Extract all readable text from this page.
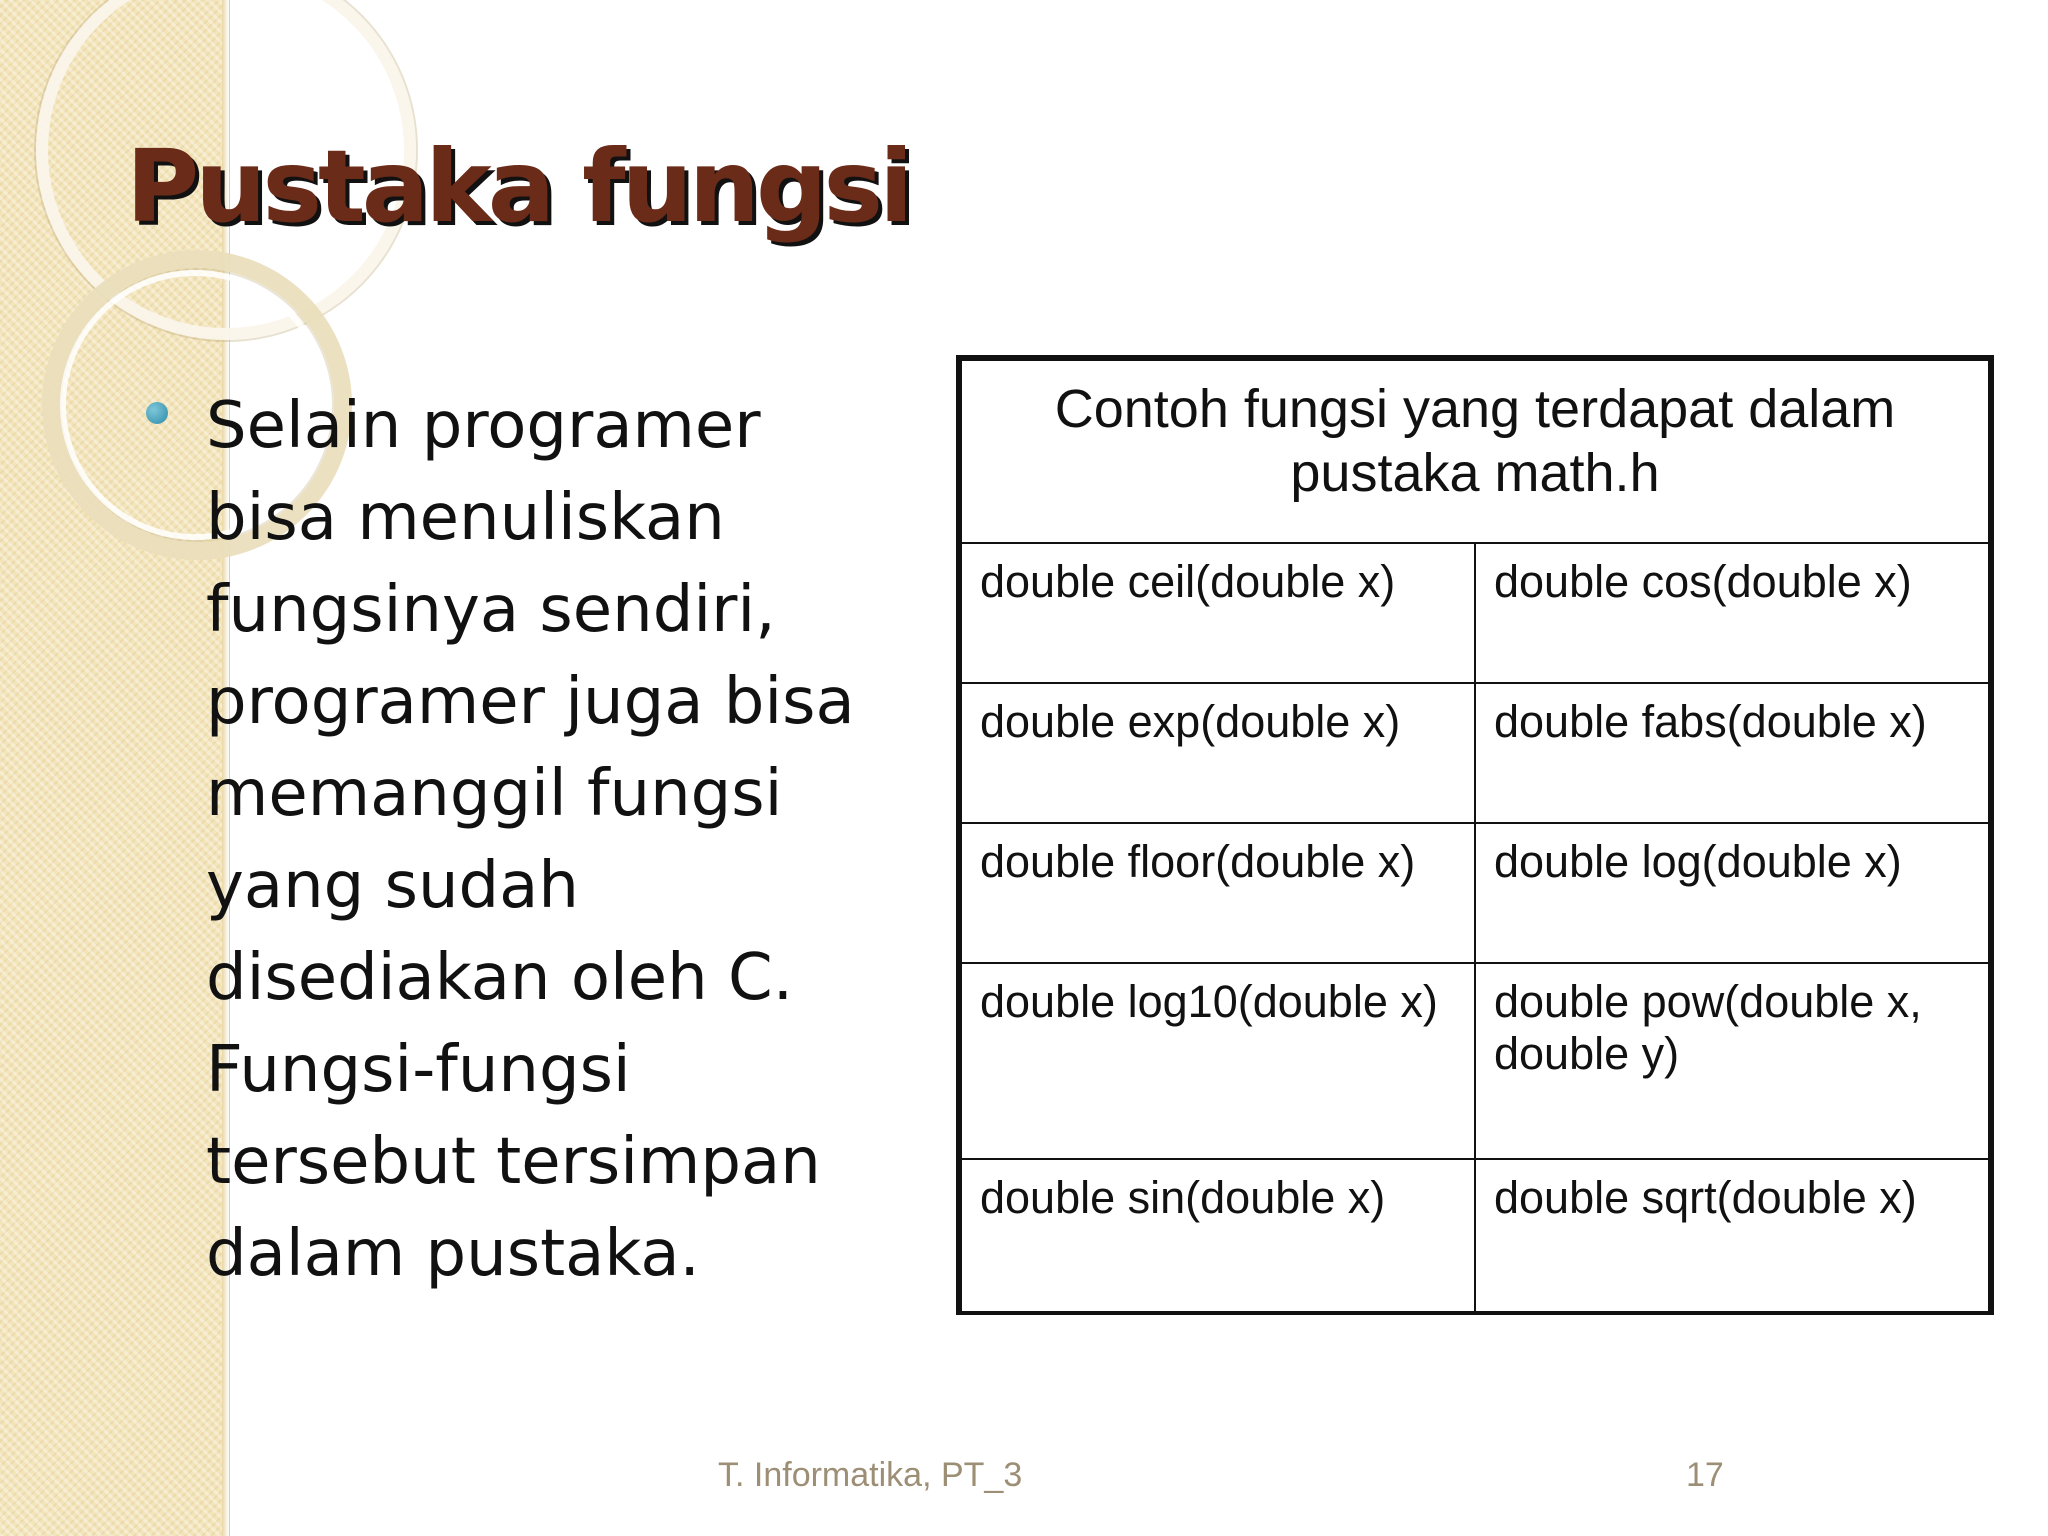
Pustaka fungsi

Selain programer bisa menuliskan fungsinya sendiri, programer juga bisa memanggil fungsi yang sudah disediakan oleh C. Fungsi-fungsi tersebut tersimpan dalam pustaka.

Contoh fungsi yang terdapat dalam pustaka math.h	
double ceil(double x)	double cos(double x)
double exp(double x)	double fabs(double x)
double floor(double x)	double log(double x)
double log10(double x)	double pow(double x, double y)
double sin(double x)	double sqrt(double x)
T. Informatika, PT_3	17
